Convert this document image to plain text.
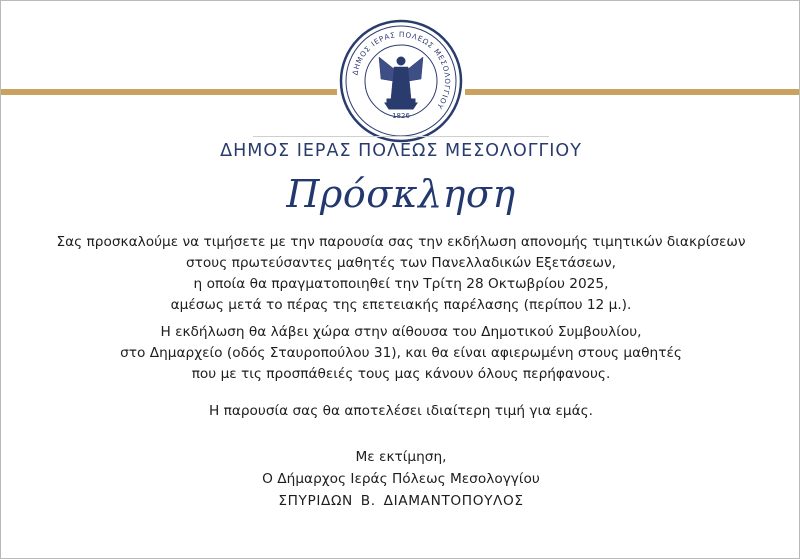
ΔΗΜΟΣ ΙΕΡΑΣ ΠΟΛΕΩΣ ΜΕΣΟΛΟΓΓΙΟΥ
1826
ΔΗΜΟΣ ΙΕΡΑΣ ΠΟΛΕΩΣ ΜΕΣΟΛΟΓΓΙΟΥ
Πρόσκληση
Σας προσκαλούμε να τιμήσετε με την παρουσία σας την εκδήλωση απονομής τιμητικών διακρίσεων
στους πρωτεύσαντες μαθητές των Πανελλαδικών Εξετάσεων,
η οποία θα πραγματοποιηθεί την Τρίτη 28 Οκτωβρίου 2025,
αμέσως μετά το πέρας της επετειακής παρέλασης (περίπου 12 μ.).
Η εκδήλωση θα λάβει χώρα στην αίθουσα του Δημοτικού Συμβουλίου,
στο Δημαρχείο (οδός Σταυροπούλου 31), και θα είναι αφιερωμένη στους μαθητές
που με τις προσπάθειές τους μας κάνουν όλους περήφανους.
Η παρουσία σας θα αποτελέσει ιδιαίτερη τιμή για εμάς.
Με εκτίμηση,
Ο Δήμαρχος Ιεράς Πόλεως Μεσολογγίου
ΣΠΥΡΙΔΩΝ Β. ΔΙΑΜΑΝΤΟΠΟΥΛΟΣ
